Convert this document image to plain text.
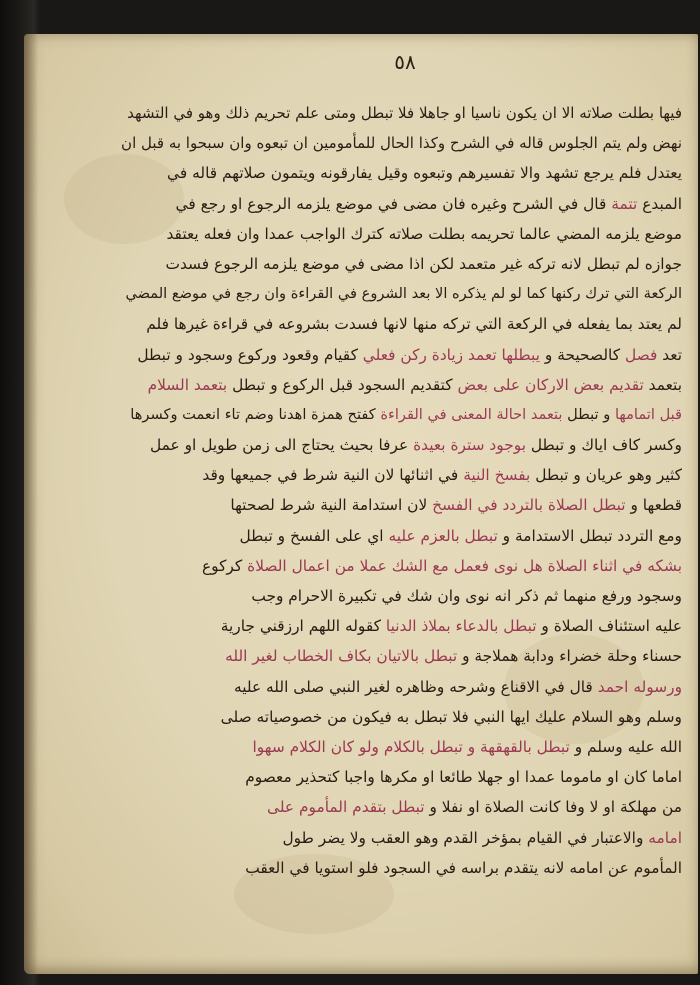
٥٨
فيها بطلت صلاته الا ان يكون ناسيا او جاهلا فلا تبطل ومتى علم تحريم ذلك وهو في التشهد
نهض ولم يتم الجلوس قاله في الشرح وكذا الحال للمأمومين ان تبعوه وان سبحوا به قبل ان
يعتدل فلم يرجع تشهد والا تفسيرهم وتبعوه وقيل يفارقونه ويتمون صلاتهم قاله في
المبدع تتمة قال في الشرح وغيره فان مضى في موضع يلزمه الرجوع او رجع في
موضع يلزمه المضي عالما تحريمه بطلت صلاته كترك الواجب عمدا وان فعله يعتقد
جوازه لم تبطل لانه تركه غير متعمد لكن اذا مضى في موضع يلزمه الرجوع فسدت
الركعة التي ترك ركنها كما لو لم يذكره الا بعد الشروع في القراءة وان رجع في موضع المضي
لم يعتد بما يفعله في الركعة التي تركه منها لانها فسدت بشروعه في قراءة غيرها فلم
تعد فصل كالصحيحة و يبطلها تعمد زيادة ركن فعلي كقيام وقعود وركوع وسجود و تبطل
بتعمد تقديم بعض الاركان على بعض كتقديم السجود قبل الركوع و تبطل بتعمد السلام
قبل اتمامها و تبطل بتعمد احالة المعنى في القراءة كفتح همزة اهدنا وضم تاء انعمت وكسرها
وكسر كاف اياك و تبطل بوجود سترة بعيدة عرفا بحيث يحتاج الى زمن طويل او عمل
كثير وهو عريان و تبطل بفسخ النية في اثنائها لان النية شرط في جميعها وقد
قطعها و تبطل الصلاة بالتردد في الفسخ لان استدامة النية شرط لصحتها
ومع التردد تبطل الاستدامة و تبطل بالعزم عليه اي على الفسخ و تبطل
بشكه في اثناء الصلاة هل نوى فعمل مع الشك عملا من اعمال الصلاة كركوع
وسجود ورفع منهما ثم ذكر انه نوى وان شك في تكبيرة الاحرام وجب
عليه استئناف الصلاة و تبطل بالدعاء بملاذ الدنيا كقوله اللهم ارزقني جارية
حسناء وحلة خضراء ودابة هملاجة و تبطل بالاتيان بكاف الخطاب لغير الله
ورسوله احمد قال في الاقناع وشرحه وظاهره لغير النبي صلى الله عليه
وسلم وهو السلام عليك ايها النبي فلا تبطل به فيكون من خصوصياته صلى
الله عليه وسلم و تبطل بالقهقهة و تبطل بالكلام ولو كان الكلام سهوا
اماما كان او ماموما عمدا او جهلا طائعا او مكرها واجبا كتحذير معصوم
من مهلكة او لا وفا كانت الصلاة او نفلا و تبطل بتقدم المأموم على
امامه والاعتبار في القيام بمؤخر القدم وهو العقب ولا يضر طول
المأموم عن امامه لانه يتقدم براسه في السجود فلو استويا في العقب
